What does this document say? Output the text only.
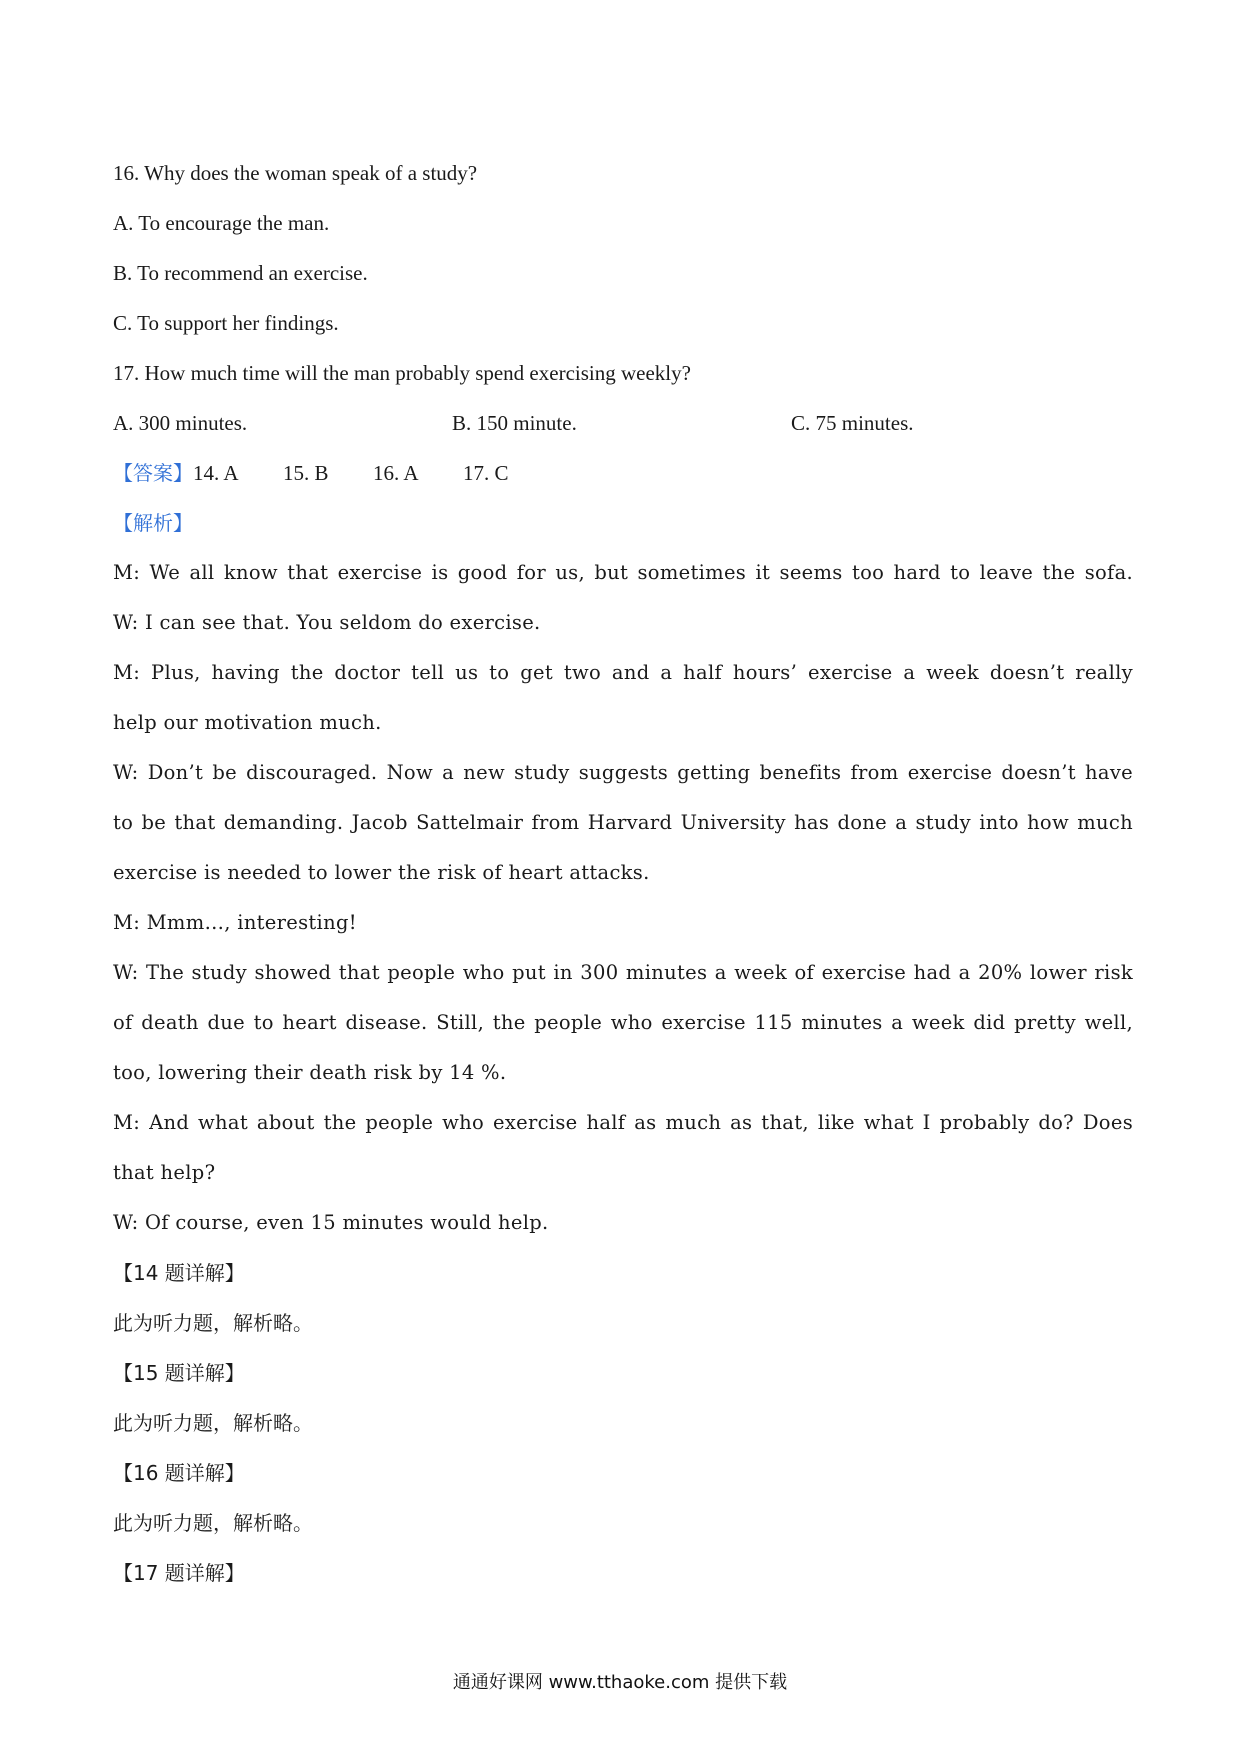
16. Why does the woman speak of a study?
A. To encourage the man.
B. To recommend an exercise.
C. To support her findings.
17. How much time will the man probably spend exercising weekly?
A. 300 minutes.	B. 150 minute.	C. 75 minutes.
【答案】14. A 15. B 16. A 17. C
【解析】
M: We all know that exercise is good for us, but sometimes it seems too hard to leave the sofa.
W: I can see that. You seldom do exercise.
M: Plus, having the doctor tell us to get two and a half hours’ exercise a week doesn’t really
help our motivation much.
W: Don’t be discouraged. Now a new study suggests getting benefits from exercise doesn’t have
to be that demanding. Jacob Sattelmair from Harvard University has done a study into how much
exercise is needed to lower the risk of heart attacks.
M: Mmm…, interesting!
W: The study showed that people who put in 300 minutes a week of exercise had a 20% lower risk
of death due to heart disease. Still, the people who exercise 115 minutes a week did pretty well,
too, lowering their death risk by 14 %.
M: And what about the people who exercise half as much as that, like what I probably do? Does
that help?
W: Of course, even 15 minutes would help.
【14 题详解】
此为听力题，解析略。
【15 题详解】
此为听力题，解析略。
【16 题详解】
此为听力题，解析略。
【17 题详解】
通通好课网 www.tthaoke.com 提供下载
